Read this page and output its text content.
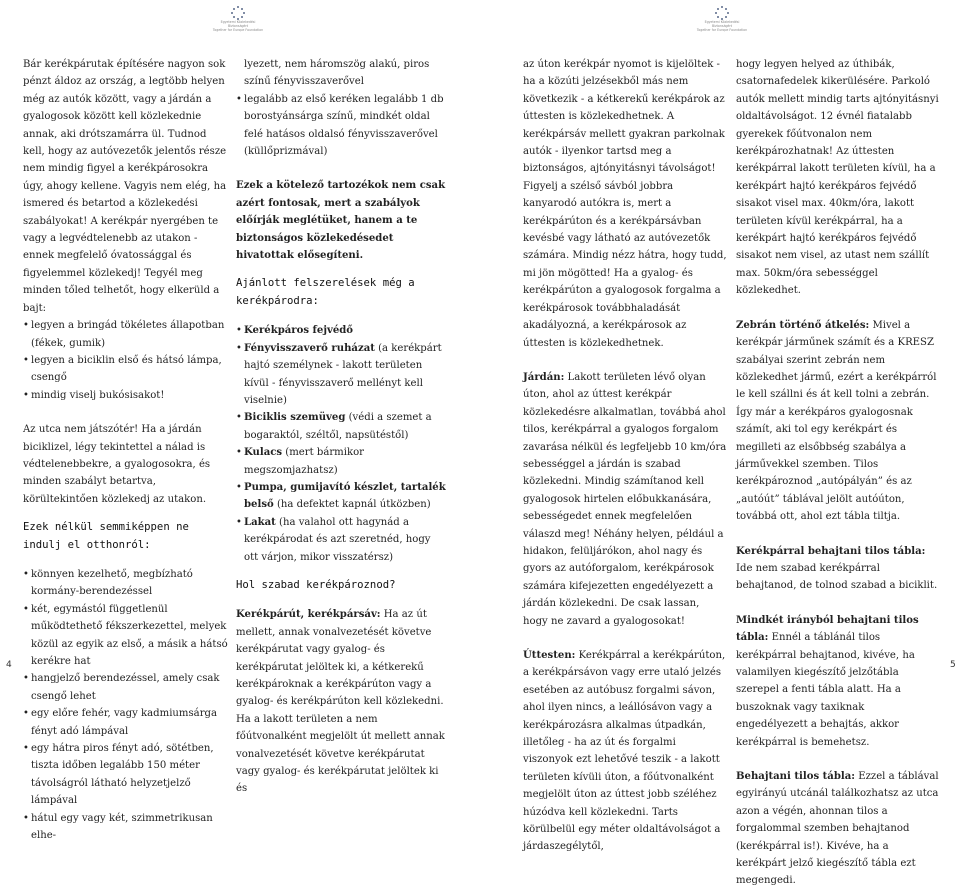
Egyetemi Közlekedési Biztonságért
Together for Europe Foundation

Bár kerékpárutak építésére nagyon sok pénzt áldoz az ország, a legtöbb helyen még az autók között, vagy a járdán a gyalogosok között kell közlekednie annak, aki drótszamárra ül. Tudnod kell, hogy az autóvezetők jelentős része nem mindig figyel a kerékpárosokra úgy, ahogy kellene. Vagyis nem elég, ha ismered és betartod a közlekedési szabályokat! A kerékpár nyergében te vagy a legvédtelenebb az utakon - ennek megfelelő óvatossággal és figyelemmel közlekedj! Tegyél meg minden tőled telhetőt, hogy elkerüld a bajt:

• legyen a bringád tökéletes állapotban (fékek, gumik)
• legyen a biciklin első és hátsó lámpa, csengő
• mindig viselj bukósisakot!

Az utca nem játszótér! Ha a járdán biciklizel, légy tekintettel a nálad is védtelenebbekre, a gyalogosokra, és minden szabályt betartva, körültekintően közlekedj az utakon.

Ezek nélkül semmiképpen ne indulj el otthonról:

• könnyen kezelhető, megbízható kormány-berendezéssel
• két, egymástól függetlenül működtethető fékszerkezettel, melyek közül az egyik az első, a másik a hátsó kerékre hat
• hangjelző berendezéssel, amely csak csengő lehet
• egy előre fehér, vagy kadmiumsárga fényt adó lámpával
• egy hátra piros fényt adó, sötétben, tiszta időben legalább 150 méter távolságról látható helyzetjelző lámpával
• hátul egy vagy két, szimmetrikusan elhe-

lyezett, nem háromszög alakú, piros színű fényvisszaverővel

• legalább az első keréken legalább 1 db borostyánsárga színű, mindkét oldal felé hatásos oldalsó fényvisszaverővel (küllőprizmával)

Ezek a kötelező tartozékok nem csak azért fontosak, mert a szabályok előírják meglétüket, hanem a te biztonságos közlekedésedet hivatottak elősegíteni.

Ajánlott felszerelések még a kerékpárodra:

• Kerékpáros fejvédő
• Fényvisszaverő ruházat (a kerékpárt hajtó személynek - lakott területen kívül - fényvisszaverő mellényt kell viselnie)
• Biciklis szemüveg (védi a szemet a bogaraktól, széltől, napsütéstől)
• Kulacs (mert bármikor megszomjazhatsz)
• Pumpa, gumijavító készlet, tartalék belső (ha defektet kapnál útközben)
• Lakat (ha valahol ott hagynád a kerékpárodat és azt szeretnéd, hogy ott várjon, mikor visszatérsz)

Hol szabad kerékpároznod?

Kerékpárút, kerékpársáv: Ha az út mellett, annak vonalvezetését követve kerékpárutat vagy gyalog- és kerékpárutat jelöltek ki, a kétkerekű kerékpároknak a kerékpárúton vagy a gyalog- és kerékpárúton kell közlekedni. Ha a lakott területen a nem főútvonalként megjelölt út mellett annak vonalvezetését követve kerékpárutat vagy gyalog- és kerékpárutat jelöltek ki és

4
Egyetemi Közlekedési Biztonságért
Together for Europe Foundation

az úton kerékpár nyomot is kijelöltek - ha a közúti jelzésekből más nem következik - a kétkerekű kerékpárok az úttesten is közlekedhetnek. A kerékpársáv mellett gyakran parkolnak autók - ilyenkor tartsd meg a biztonságos, ajtónyitásnyi távolságot! Figyelj a szélső sávból jobbra kanyarodó autókra is, mert a kerékpárúton és a kerékpársávban kevésbé vagy látható az autóvezetők számára. Mindig nézz hátra, hogy tudd, mi jön mögötted! Ha a gyalog- és kerékpárúton a gyalogosok forgalma a kerékpárosok továbbhaladását akadályozná, a kerékpárosok az úttesten is közlekedhetnek.

Járdán: Lakott területen lévő olyan úton, ahol az úttest kerékpár közlekedésre alkalmatlan, továbbá ahol tilos, kerékpárral a gyalogos forgalom zavarása nélkül és legfeljebb 10 km/óra sebességgel a járdán is szabad közlekedni. Mindig számítanod kell gyalogosok hirtelen előbukkanására, sebességedet ennek megfelelően válaszd meg! Néhány helyen, például a hidakon, felüljárókon, ahol nagy és gyors az autóforgalom, kerékpárosok számára kifejezetten engedélyezett a járdán közlekedni. De csak lassan, hogy ne zavard a gyalogosokat!

Úttesten: Kerékpárral a kerékpárúton, a kerékpársávon vagy erre utaló jelzés esetében az autóbusz forgalmi sávon, ahol ilyen nincs, a leállósávon vagy a kerékpározásra alkalmas útpadkán, illetőleg - ha az út és forgalmi viszonyok ezt lehetővé teszik - a lakott területen kívüli úton, a főútvonalként megjelölt úton az úttest jobb széléhez húzódva kell közlekedni. Tarts körülbelül egy méter oldaltávolságot a járdaszegélytől,

hogy legyen helyed az úthibák, csatornafedelek kikerülésére. Parkoló autók mellett mindig tarts ajtónyitásnyi oldaltávolságot. 12 évnél fiatalabb gyerekek főútvonalon nem kerékpározhatnak! Az úttesten kerékpárral lakott területen kívül, ha a kerékpárt hajtó kerékpáros fejvédő sisakot visel max. 40km/óra, lakott területen kívül kerékpárral, ha a kerékpárt hajtó kerékpáros fejvédő sisakot nem visel, az utast nem szállít max. 50km/óra sebességgel közlekedhet.

Zebrán történő átkelés: Mivel a kerékpár járműnek számít és a KRESZ szabályai szerint zebrán nem közlekedhet jármű, ezért a kerékpárról le kell szállni és át kell tolni a zebrán. Így már a kerékpáros gyalogosnak számít, aki tol egy kerékpárt és megilleti az elsőbbség szabálya a járművekkel szemben. Tilos kerékpároznod „autópályán” és az „autóút” táblával jelölt autóúton, továbbá ott, ahol ezt tábla tiltja.

Kerékpárral behajtani tilos tábla: Ide nem szabad kerékpárral behajtanod, de tolnod szabad a biciklit.

Mindkét irányból behajtani tilos tábla: Ennél a táblánál tilos kerékpárral behajtanod, kivéve, ha valamilyen kiegészítő jelzőtábla szerepel a fenti tábla alatt. Ha a buszoknak vagy taxiknak engedélyezett a behajtás, akkor kerékpárral is bemehetsz.

Behajtani tilos tábla: Ezzel a táblával egyirányú utcánál találkozhatsz az utca azon a végén, ahonnan tilos a forgalommal szemben behajtanod (kerékpárral is!). Kivéve, ha a kerékpárt jelző kiegészítő tábla ezt megengedi.

5
